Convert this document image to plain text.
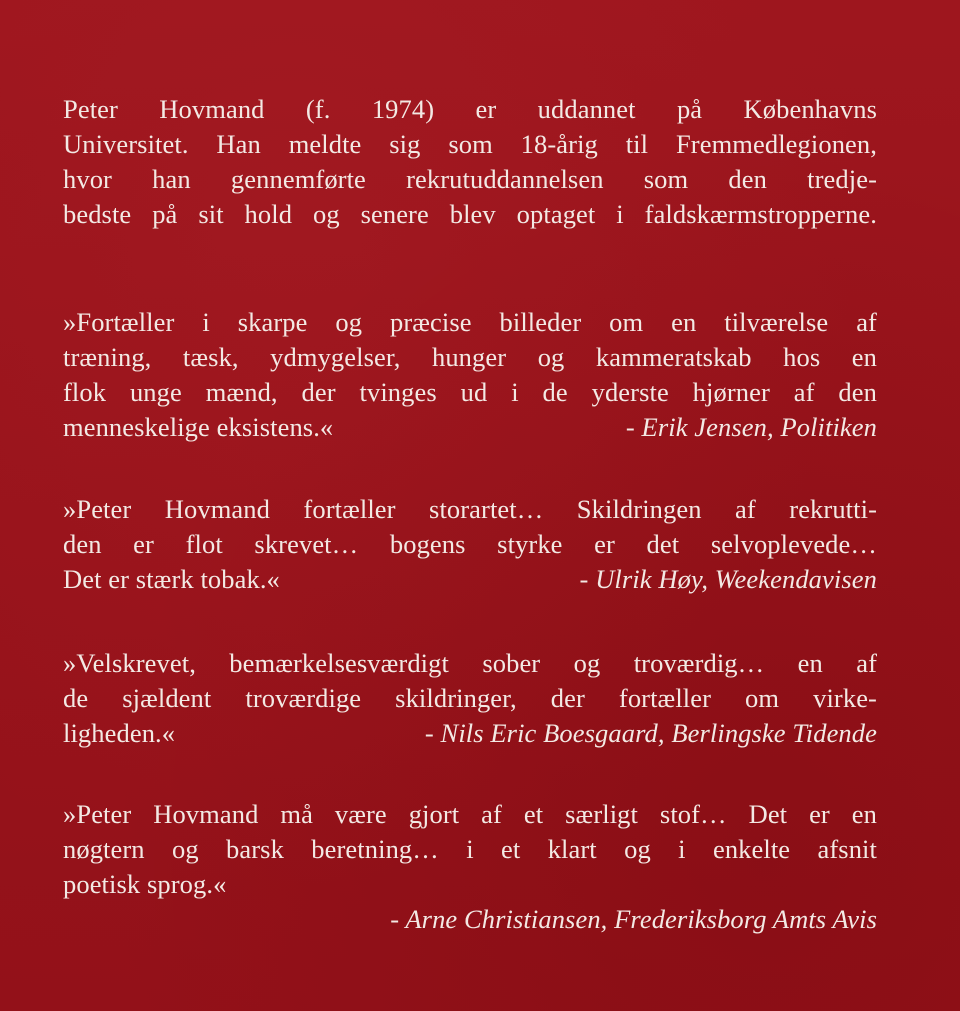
Peter Hovmand (f. 1974) er uddannet på Københavns
Universitet. Han meldte sig som 18-årig til Fremmedlegionen,
hvor han gennemførte rekrutuddannelsen som den tredje-
bedste på sit hold og senere blev optaget i faldskærmstropperne.
»Fortæller i skarpe og præcise billeder om en tilværelse af
træning, tæsk, ydmygelser, hunger og kammeratskab hos en
flok unge mænd, der tvinges ud i de yderste hjørner af den
menneskelige eksistens.«	- Erik Jensen, Politiken
»Peter Hovmand fortæller storartet… Skildringen af rekrutti-
den er flot skrevet… bogens styrke er det selvoplevede…
Det er stærk tobak.«	- Ulrik Høy, Weekendavisen
»Velskrevet, bemærkelsesværdigt sober og troværdig… en af
de sjældent troværdige skildringer, der fortæller om virke-
ligheden.«	- Nils Eric Boesgaard, Berlingske Tidende
»Peter Hovmand må være gjort af et særligt stof… Det er en
nøgtern og barsk beretning… i et klart og i enkelte afsnit
poetisk sprog.«
- Arne Christiansen, Frederiksborg Amts Avis
